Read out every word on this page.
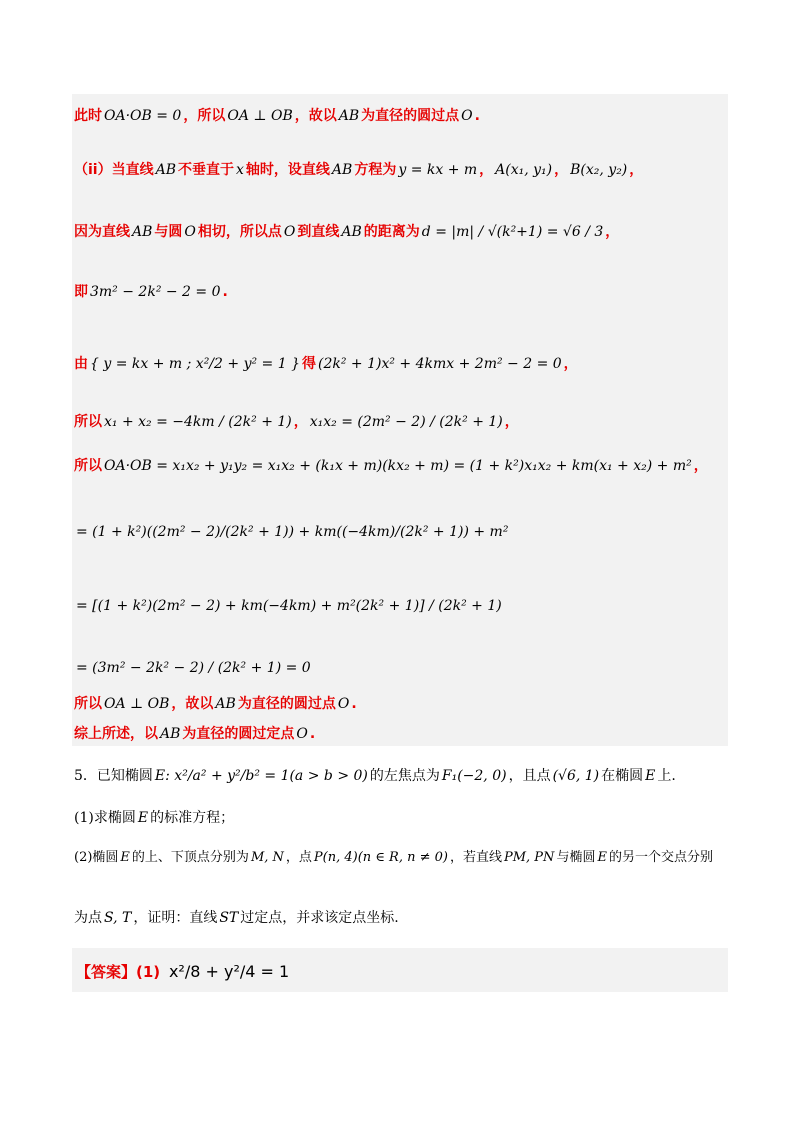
此时 OA·OB = 0 ，所以 OA ⊥ OB ，故以 AB 为直径的圆过点 O .
（ii）当直线 AB 不垂直于 x 轴时，设直线 AB 方程为 y = kx + m ， A(x₁, y₁) ， B(x₂, y₂) ，
因为直线 AB 与圆 O 相切，所以点 O 到直线 AB 的距离为 d = |m| / √(k²+1) = √6 / 3 ，
即 3m² − 2k² − 2 = 0 .
由 { y = kx + m ; x²/2 + y² = 1 } 得 (2k² + 1)x² + 4kmx + 2m² − 2 = 0 ，
所以 x₁ + x₂ = −4km / (2k² + 1) ， x₁x₂ = (2m² − 2) / (2k² + 1) ，
所以 OA·OB = x₁x₂ + y₁y₂ = x₁x₂ + (k₁x + m)(kx₂ + m) = (1 + k²)x₁x₂ + km(x₁ + x₂) + m² ，
= (1 + k²)((2m² − 2)/(2k² + 1)) + km((−4km)/(2k² + 1)) + m²
= [(1 + k²)(2m² − 2) + km(−4km) + m²(2k² + 1)] / (2k² + 1)
= (3m² − 2k² − 2) / (2k² + 1) = 0
所以 OA ⊥ OB ，故以 AB 为直径的圆过点 O .
综上所述，以 AB 为直径的圆过定点 O .
5．已知椭圆 E: x²/a² + y²/b² = 1(a > b > 0) 的左焦点为 F₁(−2, 0) ，且点 (√6, 1) 在椭圆 E 上.
(1)求椭圆 E 的标准方程；
(2)椭圆 E 的上、下顶点分别为 M, N ，点 P(n, 4)(n ∈ R, n ≠ 0) ，若直线 PM, PN 与椭圆 E 的另一个交点分别
为点 S, T ，证明：直线 ST 过定点，并求该定点坐标.
【答案】(1) x²/8 + y²/4 = 1
